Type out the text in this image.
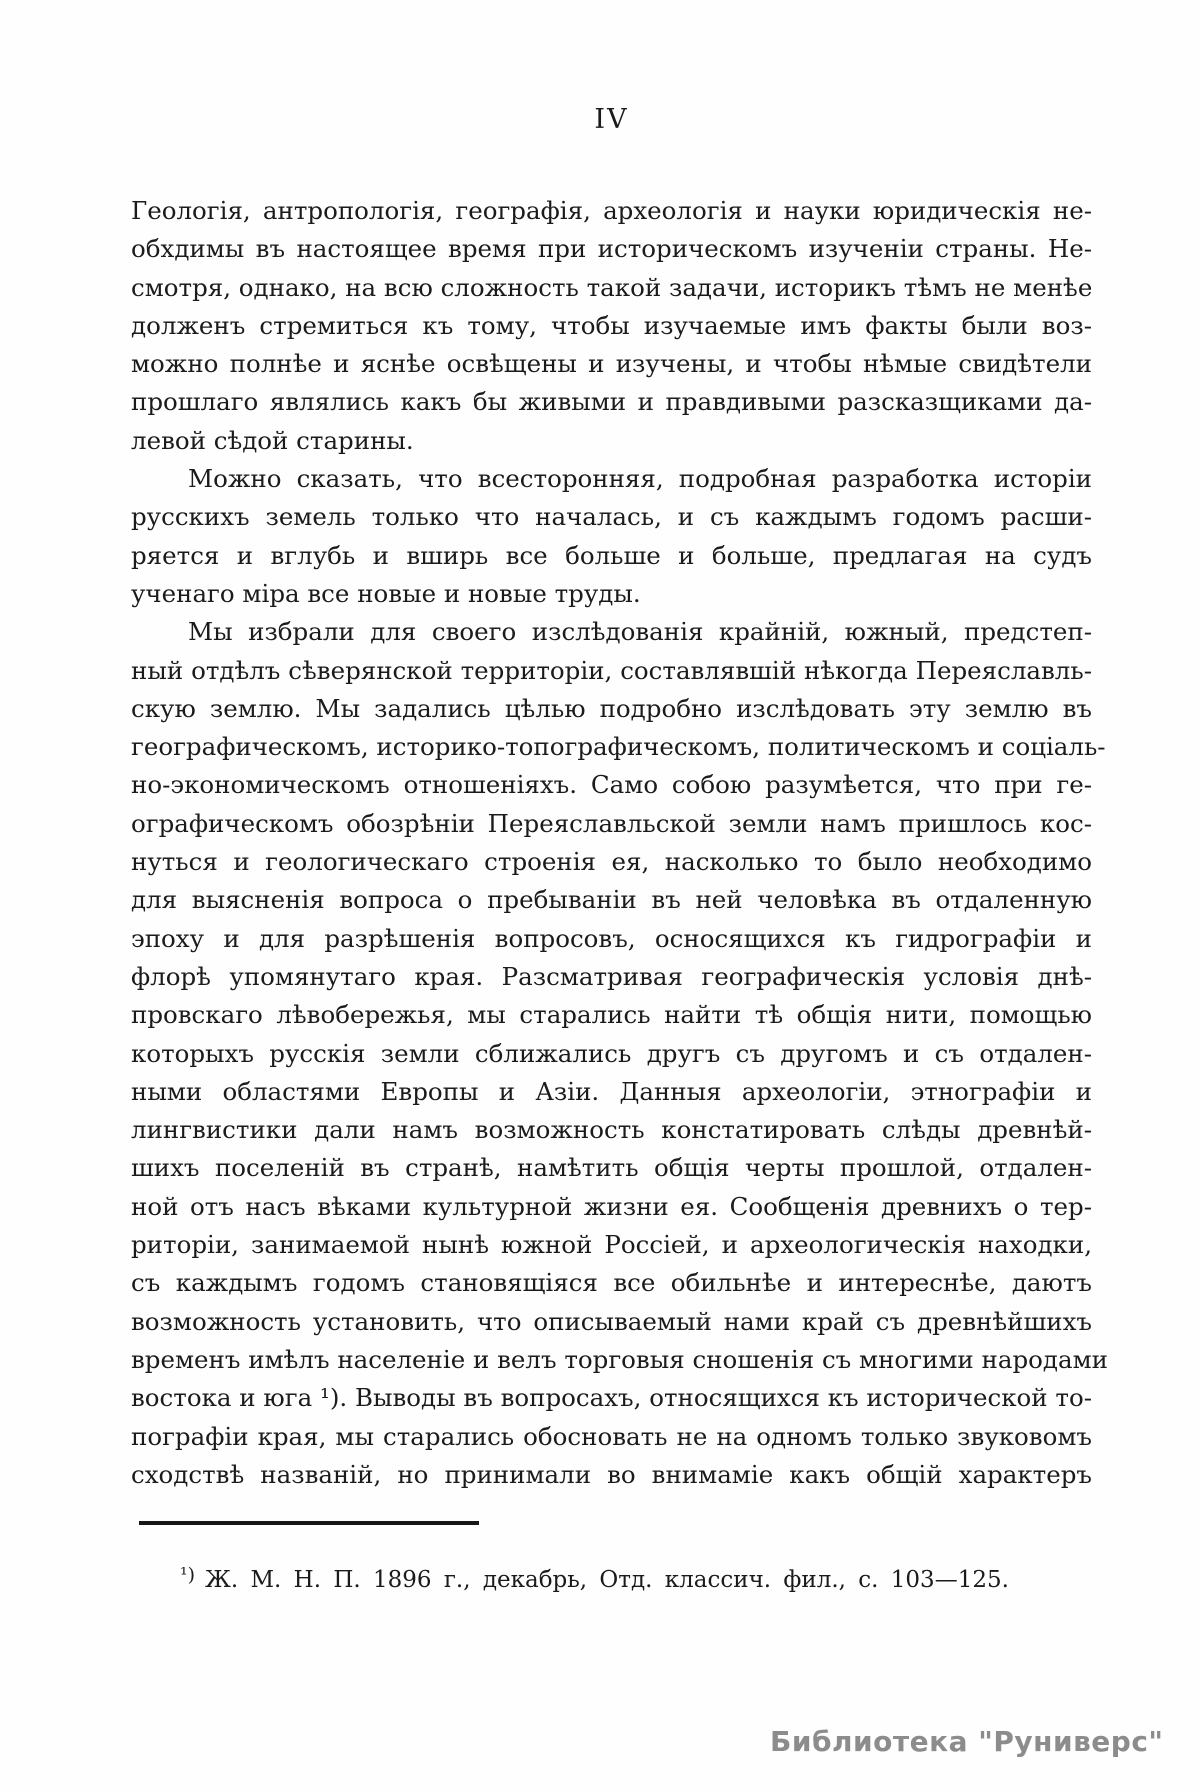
IV
Геологія, антропологія, географія, археологія и науки юридическія не-
обхдимы въ настоящее время при историческомъ изученіи страны. Не-
смотря, однако, на всю сложность такой задачи, историкъ тѣмъ не менѣе
долженъ стремиться къ тому, чтобы изучаемые имъ факты были воз-
можно полнѣе и яснѣе освѣщены и изучены, и чтобы нѣмые свидѣтели
прошлаго являлись какъ бы живыми и правдивыми разсказщиками да-
левой сѣдой старины.
Можно сказать, что всесторонняя, подробная разработка исторіи
русскихъ земель только что началась, и съ каждымъ годомъ расши-
ряется и вглубь и вширь все больше и больше, предлагая на судъ
ученаго міра все новые и новые труды.
Мы избрали для своего изслѣдованія крайній, южный, предстеп-
ный отдѣлъ сѣверянской территоріи, составлявшій нѣкогда Переяславль-
скую землю. Мы задались цѣлью подробно изслѣдовать эту землю въ
географическомъ, историко-топографическомъ, политическомъ и соціаль-
но-экономическомъ отношеніяхъ. Само собою разумѣется, что при ге-
ографическомъ обозрѣніи Переяславльской земли намъ пришлось кос-
нуться и геологическаго строенія ея, насколько то было необходимо
для выясненія вопроса о пребываніи въ ней человѣка въ отдаленную
эпоху и для разрѣшенія вопросовъ, осносящихся къ гидрографіи и
флорѣ упомянутаго края. Разсматривая географическія условія днѣ-
провскаго лѣвобережья, мы старались найти тѣ общія нити, помощью
которыхъ русскія земли сближались другъ съ другомъ и съ отдален-
ными областями Европы и Азіи. Данныя археологіи, этнографіи и
лингвистики дали намъ возможность констатировать слѣды древнѣй-
шихъ поселеній въ странѣ, намѣтить общія черты прошлой, отдален-
ной отъ насъ вѣками культурной жизни ея. Сообщенія древнихъ о тер-
риторіи, занимаемой нынѣ южной Россіей, и археологическія находки,
съ каждымъ годомъ становящіяся все обильнѣе и интереснѣе, даютъ
возможность установить, что описываемый нами край съ древнѣйшихъ
временъ имѣлъ населеніе и велъ торговыя сношенія съ многими народами
востока и юга ¹). Выводы въ вопросахъ, относящихся къ исторической то-
пографіи края, мы старались обосновать не на одномъ только звуковомъ
сходствѣ названій, но принимали во внимаміе какъ общій характеръ
$^{^1)}$ Ж. М. Н. П. 1896 г., декабрь, Отд. классич. фил., с. 103—125.
Библиотека "Руниверс"
